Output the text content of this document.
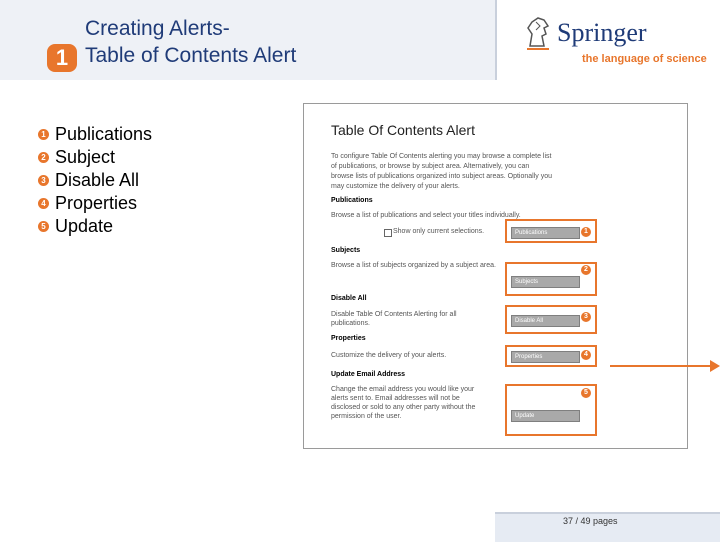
1
Creating Alerts-
Table of Contents Alert
Springer
the language of science
1 Publications
2 Subject
3 Disable All
4 Properties
5 Update
Table Of Contents Alert
To configure Table Of Contents alerting you may browse a complete list
of publications, or browse by subject area. Alternatively, you can
browse lists of publications organized into subject areas. Optionally you
may customize the delivery of your alerts.
Publications
Browse a list of publications and select your titles individually.
Show only current selections.	Publications
Subjects
Browse a list of subjects organized by a subject area.
Subjects
Disable All
Disable Table Of Contents Alerting for all
publications.	Disable All
Properties
Customize the delivery of your alerts.	Properties
Update Email Address
Change the email address you would like your
alerts sent to. Email addresses will not be
disclosed or sold to any other party without the
permission of the user.	Update
1
2
3
4
5
37 / 49 pages
